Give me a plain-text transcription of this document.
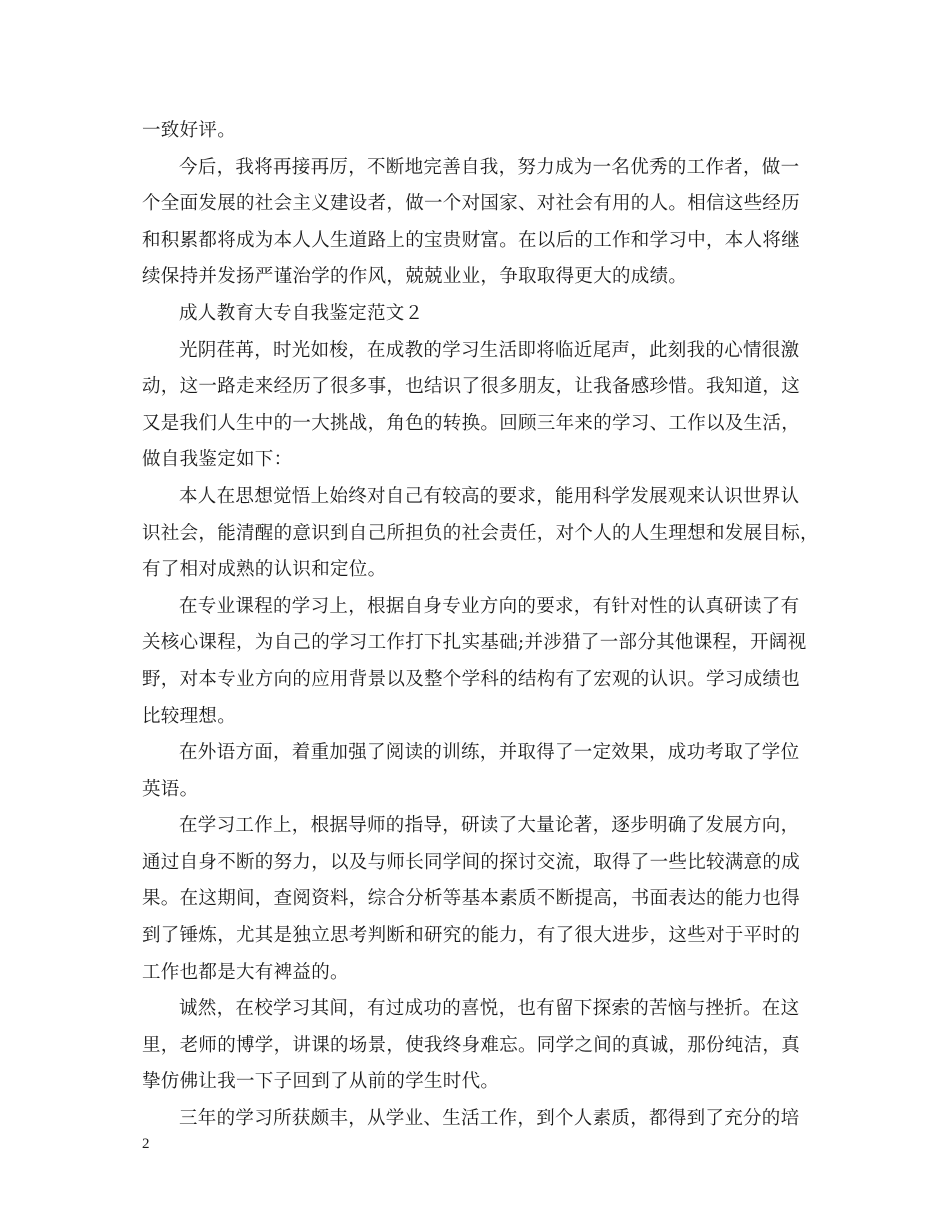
一致好评。
今后，我将再接再厉，不断地完善自我，努力成为一名优秀的工作者，做一
个全面发展的社会主义建设者，做一个对国家、对社会有用的人。相信这些经历
和积累都将成为本人人生道路上的宝贵财富。在以后的工作和学习中，本人将继
续保持并发扬严谨治学的作风，兢兢业业，争取取得更大的成绩。
成人教育大专自我鉴定范文２
光阴荏苒，时光如梭，在成教的学习生活即将临近尾声，此刻我的心情很激
动，这一路走来经历了很多事，也结识了很多朋友，让我备感珍惜。我知道，这
又是我们人生中的一大挑战，角色的转换。回顾三年来的学习、工作以及生活，
做自我鉴定如下：
本人在思想觉悟上始终对自己有较高的要求，能用科学发展观来认识世界认
识社会，能清醒的意识到自己所担负的社会责任，对个人的人生理想和发展目标，
有了相对成熟的认识和定位。
在专业课程的学习上，根据自身专业方向的要求，有针对性的认真研读了有
关核心课程，为自己的学习工作打下扎实基础;并涉猎了一部分其他课程，开阔视
野，对本专业方向的应用背景以及整个学科的结构有了宏观的认识。学习成绩也
比较理想。
在外语方面，着重加强了阅读的训练，并取得了一定效果，成功考取了学位
英语。
在学习工作上，根据导师的指导，研读了大量论著，逐步明确了发展方向，
通过自身不断的努力，以及与师长同学间的探讨交流，取得了一些比较满意的成
果。在这期间，查阅资料，综合分析等基本素质不断提高，书面表达的能力也得
到了锤炼，尤其是独立思考判断和研究的能力，有了很大进步，这些对于平时的
工作也都是大有裨益的。
诚然，在校学习其间，有过成功的喜悦，也有留下探索的苦恼与挫折。在这
里，老师的博学，讲课的场景，使我终身难忘。同学之间的真诚，那份纯洁，真
挚仿佛让我一下子回到了从前的学生时代。
三年的学习所获颇丰，从学业、生活工作，到个人素质，都得到了充分的培
2
